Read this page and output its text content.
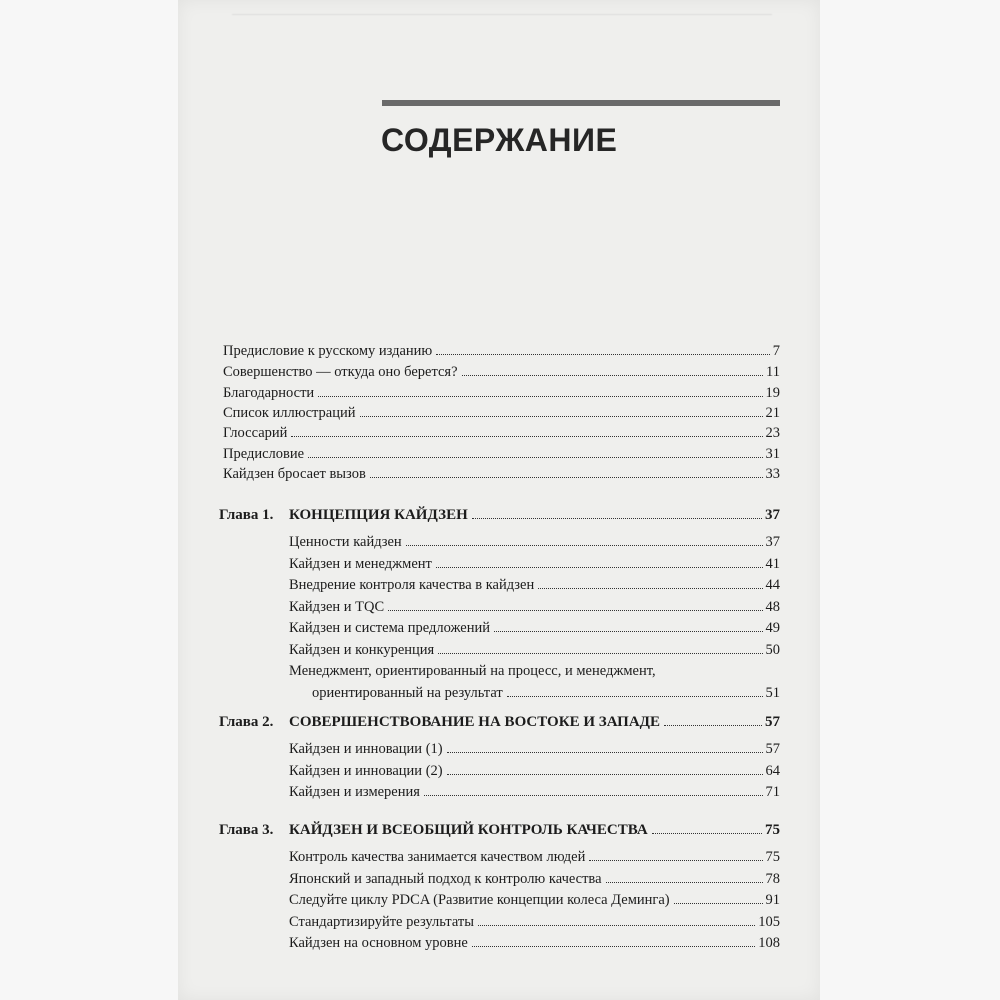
СОДЕРЖАНИЕ
Предисловие к русскому изданию	7
Совершенство — откуда оно берется?	11
Благодарности	19
Список иллюстраций	21
Глоссарий	23
Предисловие	31
Кайдзен бросает вызов	33
Глава 1.	КОНЦЕПЦИЯ КАЙДЗЕН	37
Ценности кайдзен	37
Кайдзен и менеджмент	41
Внедрение контроля качества в кайдзен	44
Кайдзен и TQC	48
Кайдзен и система предложений	49
Кайдзен и конкуренция	50
Менеджмент, ориентированный на процесс, и менеджмент,
ориентированный на результат	51
Глава 2.	СОВЕРШЕНСТВОВАНИЕ НА ВОСТОКЕ И ЗАПАДЕ	57
Кайдзен и инновации (1)	57
Кайдзен и инновации (2)	64
Кайдзен и измерения	71
Глава 3.	КАЙДЗЕН И ВСЕОБЩИЙ КОНТРОЛЬ КАЧЕСТВА	75
Контроль качества занимается качеством людей	75
Японский и западный подход к контролю качества	78
Следуйте циклу PDCA (Развитие концепции колеса Деминга)	91
Стандартизируйте результаты	105
Кайдзен на основном уровне	108
